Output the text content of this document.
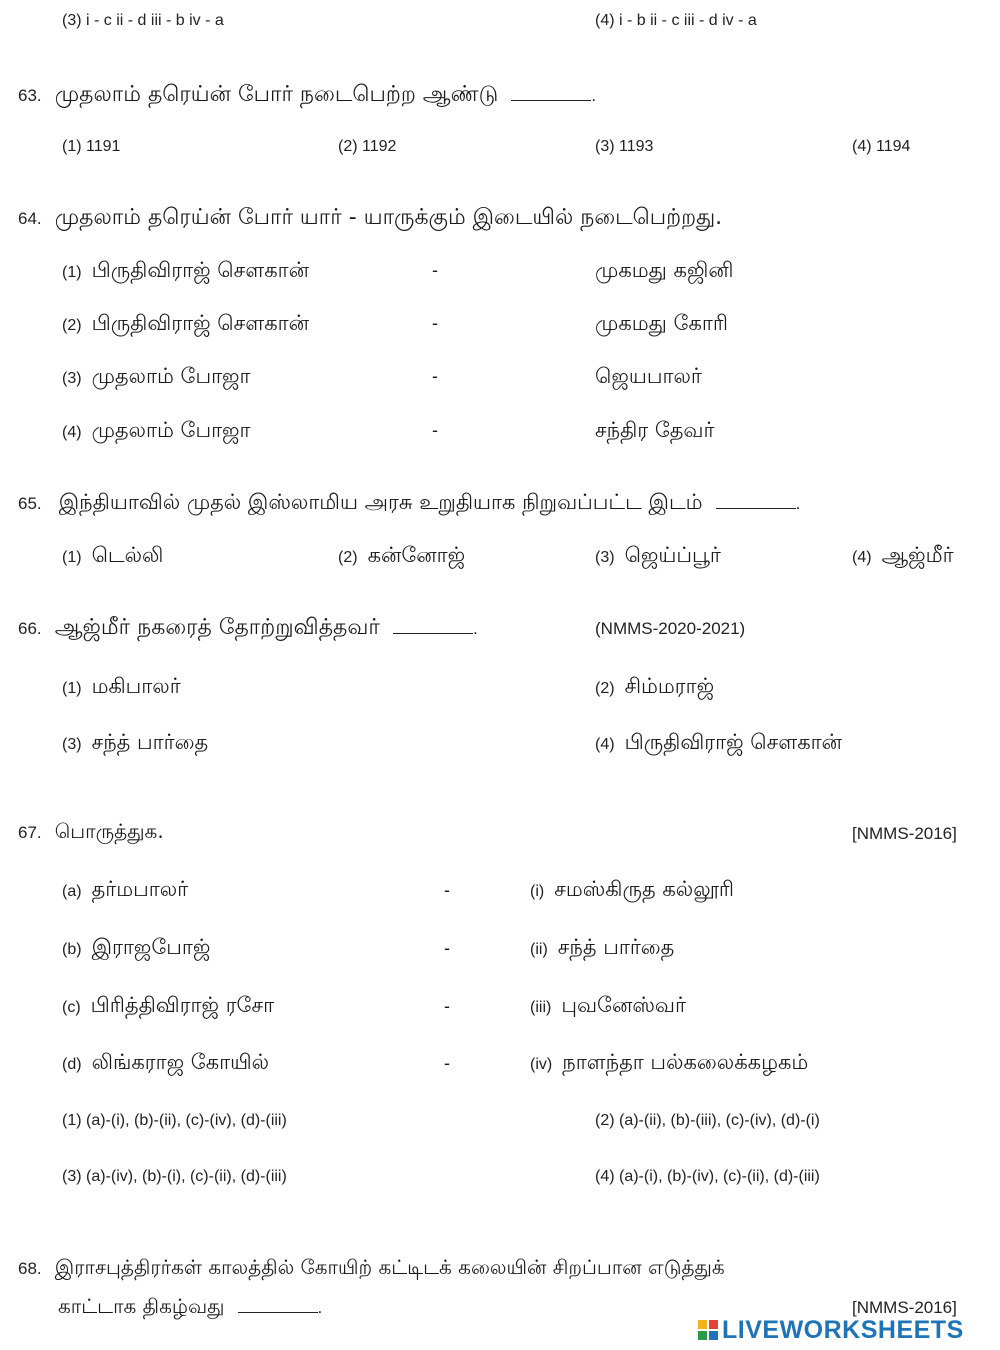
(3) i - c ii - d iii - b iv - a	(4) i - b ii - c iii - d iv - a
63. முதலாம் தரெய்ன் போர் நடைபெற்ற ஆண்டு	.
(1) 1191	(2) 1192	(3) 1193	(4) 1194
64. முதலாம் தரெய்ன் போர் யார் - யாருக்கும் இடையில் நடைபெற்றது.
(1) பிருதிவிராஜ் சௌகான்	-	முகமது கஜினி
(2) பிருதிவிராஜ் சௌகான்	-	முகமது கோரி
(3) முதலாம் போஜா	-	ஜெயபாலர்
(4) முதலாம் போஜா	-	சந்திர தேவர்
65. இந்தியாவில் முதல் இஸ்லாமிய அரசு உறுதியாக நிறுவப்பட்ட இடம்	.
(1) டெல்லி	(2) கன்னோஜ்	(3) ஜெய்ப்பூர்	(4) ஆஜ்மீர்
66. ஆஜ்மீர் நகரைத் தோற்றுவித்தவர்	.	(NMMS-2020-2021)
(1) மகிபாலர்	(2) சிம்மராஜ்
(3) சந்த் பார்தை	(4) பிருதிவிராஜ் சௌகான்
67. பொருத்துக.	[NMMS-2016]
(a) தர்மபாலர்	-	(i) சமஸ்கிருத கல்லூரி
(b) இராஜபோஜ்	-	(ii) சந்த் பார்தை
(c) பிரித்திவிராஜ் ரசோ	-	(iii) புவனேஸ்வர்
(d) லிங்கராஜ கோயில்	-	(iv) நாளந்தா பல்கலைக்கழகம்
(1) (a)-(i), (b)-(ii), (c)-(iv), (d)-(iii)	(2) (a)-(ii), (b)-(iii), (c)-(iv), (d)-(i)
(3) (a)-(iv), (b)-(i), (c)-(ii), (d)-(iii)	(4) (a)-(i), (b)-(iv), (c)-(ii), (d)-(iii)
68. இராசபுத்திரர்கள் காலத்தில் கோயிற் கட்டிடக் கலையின் சிறப்பான எடுத்துக்
காட்டாக திகழ்வது	.	[NMMS-2016]
LIVEWORKSHEETS
